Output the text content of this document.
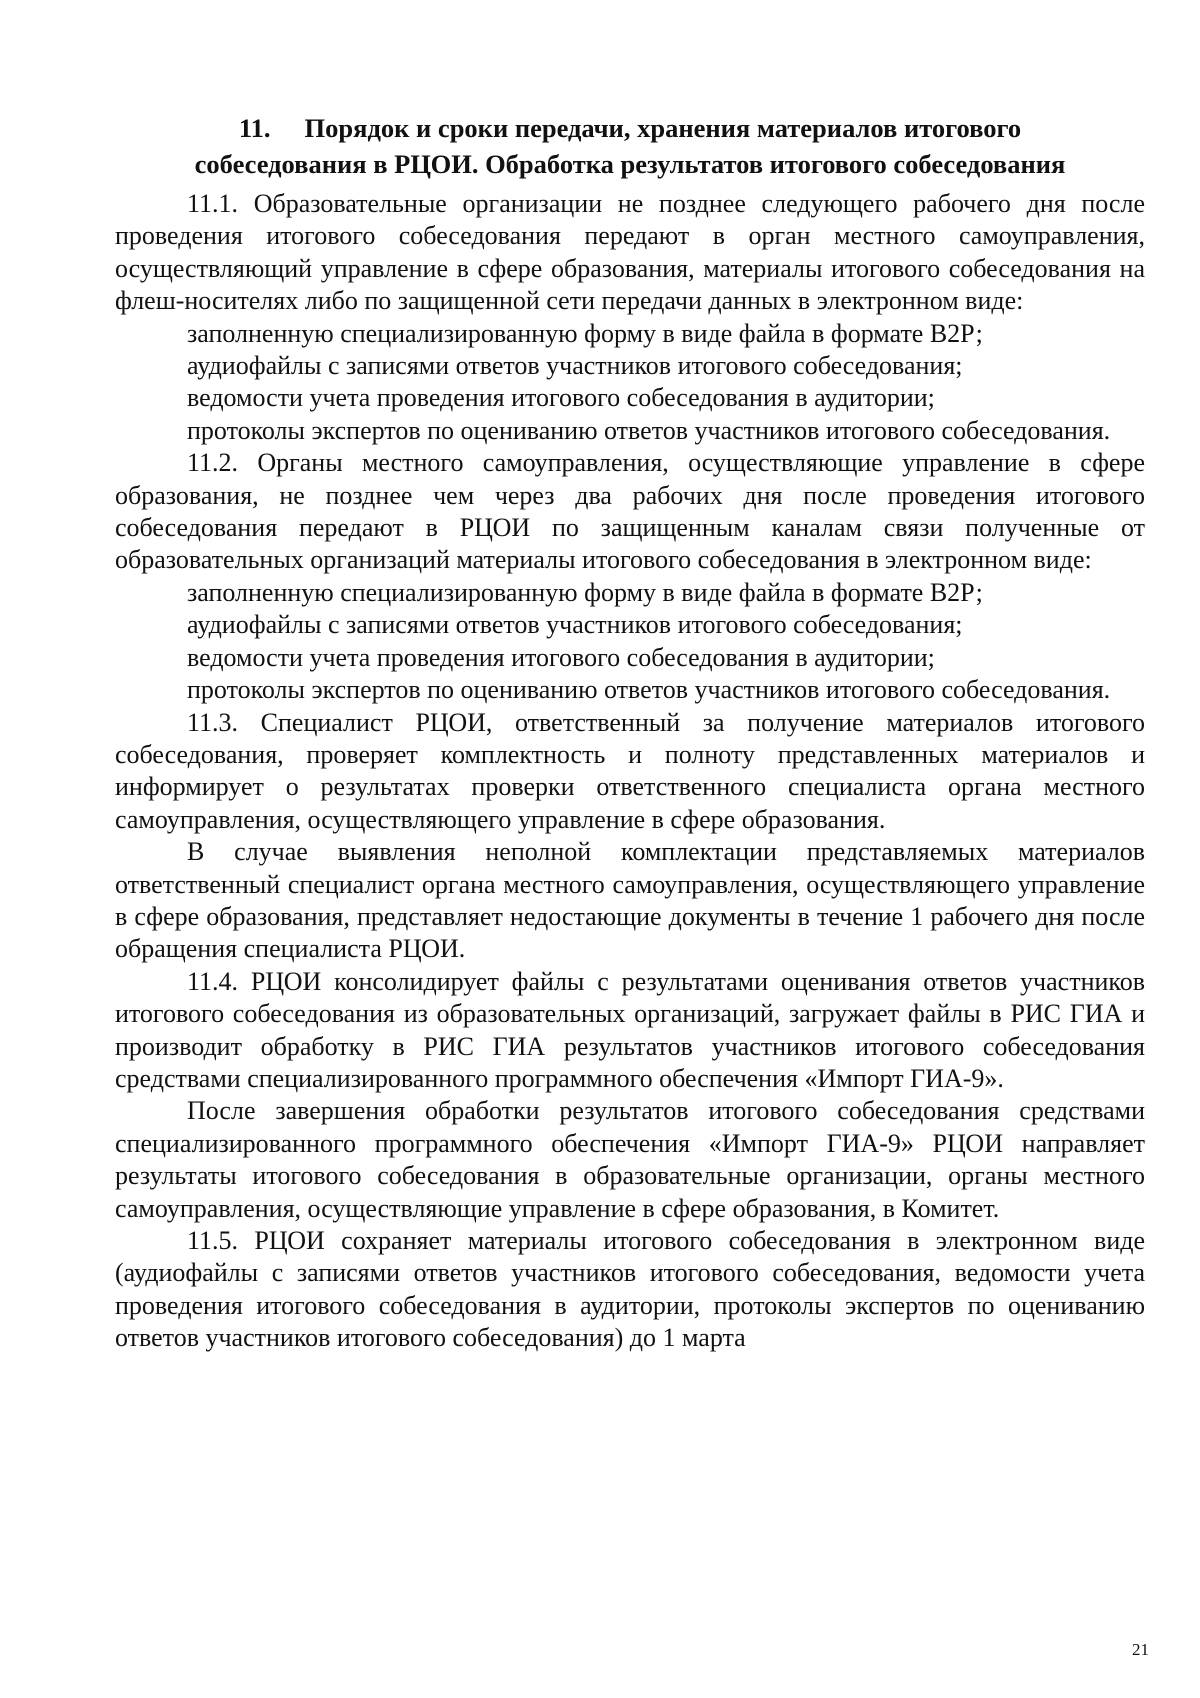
11. Порядок и сроки передачи, хранения материалов итогового
собеседования в РЦОИ. Обработка результатов итогового собеседования

11.1. Образовательные организации не позднее следующего рабочего дня после проведения итогового собеседования передают в орган местного самоуправления, осуществляющий управление в сфере образования, материалы итогового собеседования на флеш-носителях либо по защищенной сети передачи данных в электронном виде:

заполненную специализированную форму в виде файла в формате В2Р;

аудиофайлы с записями ответов участников итогового собеседования;

ведомости учета проведения итогового собеседования в аудитории;

протоколы экспертов по оцениванию ответов участников итогового собеседования.

11.2. Органы местного самоуправления, осуществляющие управление в сфере образования, не позднее чем через два рабочих дня после проведения итогового собеседования передают в РЦОИ по защищенным каналам связи полученные от образовательных организаций материалы итогового собеседования в электронном виде:

заполненную специализированную форму в виде файла в формате В2Р;

аудиофайлы с записями ответов участников итогового собеседования;

ведомости учета проведения итогового собеседования в аудитории;

протоколы экспертов по оцениванию ответов участников итогового собеседования.

11.3. Специалист РЦОИ, ответственный за получение материалов итогового собеседования, проверяет комплектность и полноту представленных материалов и информирует о результатах проверки ответственного специалиста органа местного самоуправления, осуществляющего управление в сфере образования.

В случае выявления неполной комплектации представляемых материалов ответственный специалист органа местного самоуправления, осуществляющего управление в сфере образования, представляет недостающие документы в течение 1 рабочего дня после обращения специалиста РЦОИ.

11.4. РЦОИ консолидирует файлы с результатами оценивания ответов участников итогового собеседования из образовательных организаций, загружает файлы в РИС ГИА и производит обработку в РИС ГИА результатов участников итогового собеседования средствами специализированного программного обеспечения «Импорт ГИА-9».

После завершения обработки результатов итогового собеседования средствами специализированного программного обеспечения «Импорт ГИА-9» РЦОИ направляет результаты итогового собеседования в образовательные организации, органы местного самоуправления, осуществляющие управление в сфере образования, в Комитет.

11.5. РЦОИ сохраняет материалы итогового собеседования в электронном виде (аудиофайлы с записями ответов участников итогового собеседования, ведомости учета проведения итогового собеседования в аудитории, протоколы экспертов по оцениванию ответов участников итогового собеседования) до 1 марта

21
